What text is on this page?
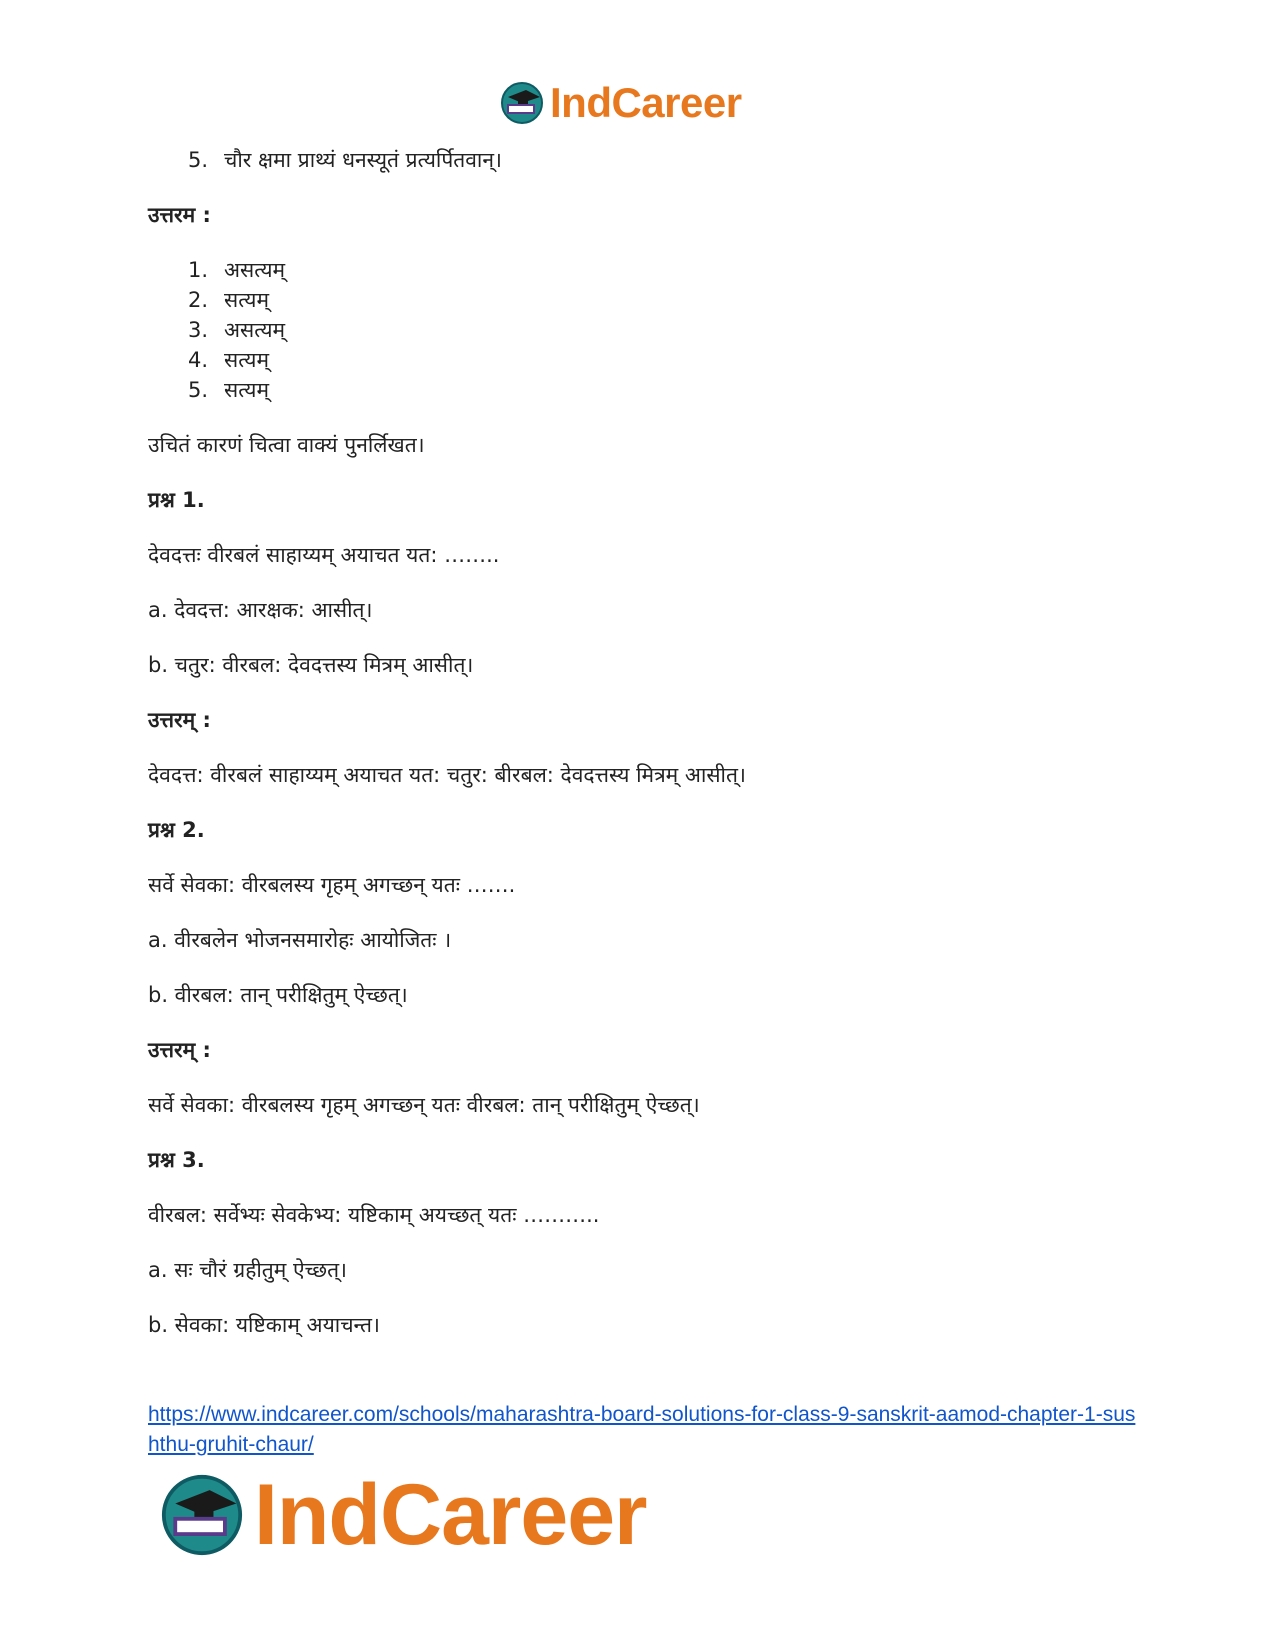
IndCareer
5. चौर क्षमा प्राथ्यं धनस्यूतं प्रत्यर्पितवान्।
उत्तरम :
1. असत्यम्
2. सत्यम्
3. असत्यम्
4. सत्यम्
5. सत्यम्
उचितं कारणं चित्वा वाक्यं पुनर्लिखत।
प्रश्न 1.
देवदत्तः वीरबलं साहाय्यम् अयाचत यत: ……..
a. देवदत्त: आरक्षक: आसीत्।
b. चतुर: वीरबल: देवदत्तस्य मित्रम् आसीत्।
उत्तरम् :
देवदत्त: वीरबलं साहाय्यम् अयाचत यत: चतुर: बीरबल: देवदत्तस्य मित्रम् आसीत्।
प्रश्न 2.
सर्वे सेवका: वीरबलस्य गृहम् अगच्छन् यतः …….
a. वीरबलेन भोजनसमारोहः आयोजितः ।
b. वीरबल: तान् परीक्षितुम् ऐच्छत्।
उत्तरम् :
सर्वे सेवका: वीरबलस्य गृहम् अगच्छन् यतः वीरबल: तान् परीक्षितुम् ऐच्छत्।
प्रश्न 3.
वीरबल: सर्वेभ्यः सेवकेभ्य: यष्टिकाम् अयच्छत् यतः ………..
a. सः चौरं ग्रहीतुम् ऐच्छत्।
b. सेवका: यष्टिकाम् अयाचन्त।
https://www.indcareer.com/schools/maharashtra-board-solutions-for-class-9-sanskrit-aamod-chapter-1-sushthu-gruhit-chaur/
IndCareer
